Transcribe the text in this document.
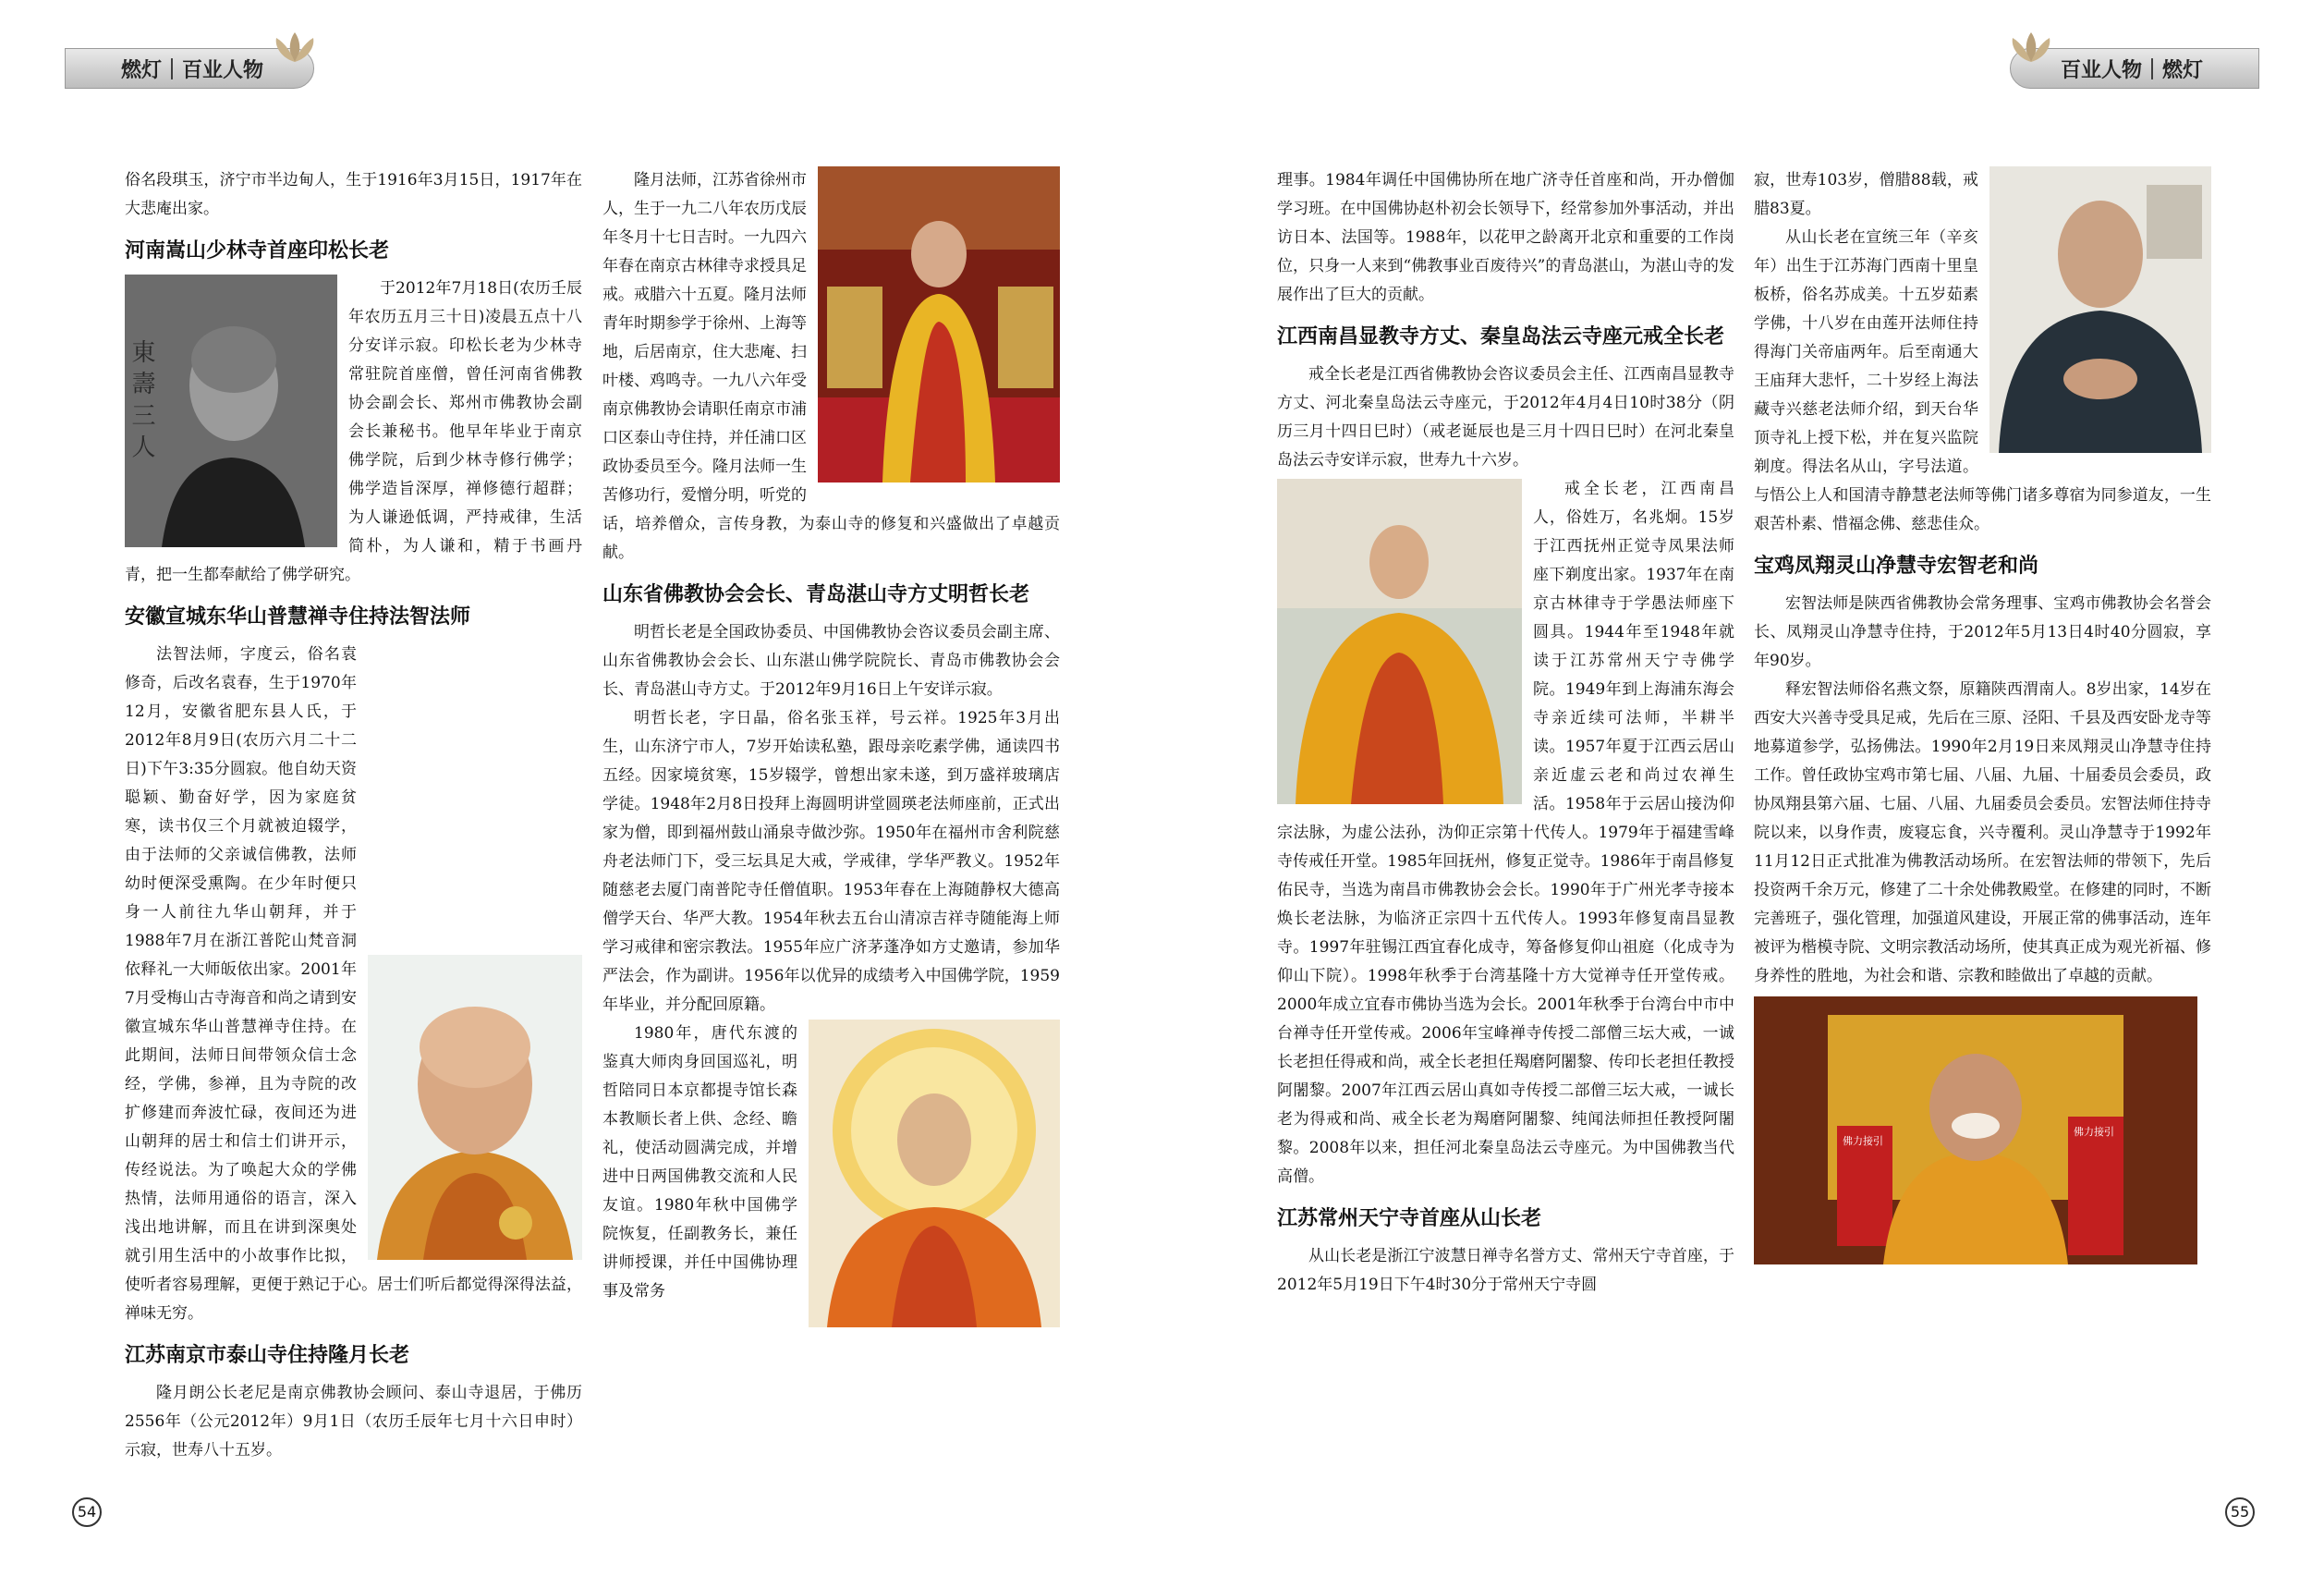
燃灯｜百业人物

俗名段琪玉，济宁市半边甸人，生于1916年3月15日，1917年在大悲庵出家。

河南嵩山少林寺首座印松长老
東 壽 三 人

于2012年7月18日(农历壬辰年农历五月三十日)凌晨五点十八分安详示寂。印松长老为少林寺常驻院首座僧，曾任河南省佛教协会副会长、郑州市佛教协会副会长兼秘书。他早年毕业于南京佛学院，后到少林寺修行佛学；佛学造旨深厚，禅修德行超群；为人谦逊低调，严持戒律，生活简朴，为人谦和，精于书画丹青，把一生都奉献给了佛学研究。

安徽宣城东华山普慧禅寺住持法智法师

法智法师，字度云，俗名袁修奇，后改名袁春，生于1970年12月，安徽省肥东县人氏，于2012年8月9日(农历六月二十二日)下午3:35分圆寂。他自幼天资聪颖、勤奋好学，因为家庭贫寒，读书仅三个月就被迫辍学，由于法师的父亲诚信佛教，法师幼时便深受熏陶。在少年时便只身一人前往九华山朝拜，并于1988年7月在浙江普陀山梵音洞依释礼一大师皈依出家。2001年7月受梅山古寺海音和尚之请到安徽宣城东华山普慧禅寺住持。在此期间，法师日间带领众信士念经，学佛，参禅，且为寺院的改扩修建而奔波忙碌，夜间还为进山朝拜的居士和信士们讲开示，传经说法。为了唤起大众的学佛热情，法师用通俗的语言，深入浅出地讲解，而且在讲到深奥处就引用生活中的小故事作比拟，使听者容易理解，更便于熟记于心。居士们听后都觉得深得法益，禅味无穷。

江苏南京市泰山寺住持隆月长老

隆月朗公长老尼是南京佛教协会顾问、泰山寺退居，于佛历2556年（公元2012年）9月1日（农历壬辰年七月十六日申时）示寂，世寿八十五岁。

隆月法师，江苏省徐州市人，生于一九二八年农历戊辰年冬月十七日吉时。一九四六年春在南京古林律寺求授具足戒。戒腊六十五夏。隆月法师青年时期参学于徐州、上海等地，后居南京，住大悲庵、扫叶楼、鸡鸣寺。一九八六年受南京佛教协会请职任南京市浦口区泰山寺住持，并任浦口区政协委员至今。隆月法师一生苦修功行，爱憎分明，听党的话，培养僧众，言传身教，为泰山寺的修复和兴盛做出了卓越贡献。

山东省佛教协会会长、青岛湛山寺方丈明哲长老

明哲长老是全国政协委员、中国佛教协会咨议委员会副主席、山东省佛教协会会长、山东湛山佛学院院长、青岛市佛教协会会长、青岛湛山寺方丈。于2012年9月16日上午安详示寂。

明哲长老，字日晶，俗名张玉祥，号云祥。1925年3月出生，山东济宁市人，7岁开始读私塾，跟母亲吃素学佛，通读四书五经。因家境贫寒，15岁辍学，曾想出家未遂，到万盛祥玻璃店学徒。1948年2月8日投拜上海圆明讲堂圆瑛老法师座前，正式出家为僧，即到福州鼓山涌泉寺做沙弥。1950年在福州市舍利院慈舟老法师门下，受三坛具足大戒，学戒律，学华严教义。1952年随慈老去厦门南普陀寺任僧值职。1953年春在上海随静权大德高僧学天台、华严大教。1954年秋去五台山清凉吉祥寺随能海上师学习戒律和密宗教法。1955年应广济茅蓬净如方丈邀请，参加华严法会，作为副讲。1956年以优异的成绩考入中国佛学院，1959年毕业，并分配回原籍。

1980年，唐代东渡的鉴真大师肉身回国巡礼，明哲陪同日本京都提寺馆长森本教顺长者上供、念经、瞻礼，使活动圆满完成，并增进中日两国佛教交流和人民友谊。1980年秋中国佛学院恢复，任副教务长，兼任讲师授课，并任中国佛协理事及常务

54
百业人物｜燃灯

理事。1984年调任中国佛协所在地广济寺任首座和尚，开办僧伽学习班。在中国佛协赵朴初会长领导下，经常参加外事活动，并出访日本、法国等。1988年，以花甲之龄离开北京和重要的工作岗位，只身一人来到“佛教事业百废待兴”的青岛湛山，为湛山寺的发展作出了巨大的贡献。

江西南昌显教寺方丈、秦皇岛法云寺座元戒全长老

戒全长老是江西省佛教协会咨议委员会主任、江西南昌显教寺方丈、河北秦皇岛法云寺座元，于2012年4月4日10时38分（阴历三月十四日巳时）（戒老诞辰也是三月十四日巳时）在河北秦皇岛法云寺安详示寂，世寿九十六岁。

戒全长老，江西南昌人，俗姓万，名兆炯。15岁于江西抚州正觉寺凤果法师座下剃度出家。1937年在南京古林律寺于学愚法师座下圆具。1944年至1948年就读于江苏常州天宁寺佛学院。1949年到上海浦东海会寺亲近续可法师，半耕半读。1957年夏于江西云居山亲近虚云老和尚过农禅生活。1958年于云居山接沩仰宗法脉，为虚公法孙，沩仰正宗第十代传人。1979年于福建雪峰寺传戒任开堂。1985年回抚州，修复正觉寺。1986年于南昌修复佑民寺，当选为南昌市佛教协会会长。1990年于广州光孝寺接本焕长老法脉，为临济正宗四十五代传人。1993年修复南昌显教寺。1997年驻锡江西宜春化成寺，筹备修复仰山祖庭（化成寺为仰山下院）。1998年秋季于台湾基隆十方大觉禅寺任开堂传戒。2000年成立宜春市佛协当选为会长。2001年秋季于台湾台中市中台禅寺任开堂传戒。2006年宝峰禅寺传授二部僧三坛大戒，一诚长老担任得戒和尚，戒全长老担任羯磨阿闍黎、传印长老担任教授阿闍黎。2007年江西云居山真如寺传授二部僧三坛大戒，一诚长老为得戒和尚、戒全长老为羯磨阿闍黎、纯闻法师担任教授阿闍黎。2008年以来，担任河北秦皇岛法云寺座元。为中国佛教当代高僧。

江苏常州天宁寺首座从山长老

从山长老是浙江宁波慧日禅寺名誉方丈、常州天宁寺首座，于2012年5月19日下午4时30分于常州天宁寺圆

寂，世寿103岁，僧腊88载，戒腊83夏。

从山长老在宣统三年（辛亥年）出生于江苏海门西南十里皇板桥，俗名苏成美。十五岁茹素学佛，十八岁在由莲开法师住持得海门关帝庙两年。后至南通大王庙拜大悲忏，二十岁经上海法藏寺兴慈老法师介绍，到天台华顶寺礼上授下松，并在复兴监院剃度。得法名从山，字号法道。与悟公上人和国清寺静慧老法师等佛门诸多尊宿为同参道友，一生艰苦朴素、惜福念佛、慈悲佳众。

宝鸡凤翔灵山净慧寺宏智老和尚

宏智法师是陕西省佛教协会常务理事、宝鸡市佛教协会名誉会长、凤翔灵山净慧寺住持，于2012年5月13日4时40分圆寂，享年90岁。

释宏智法师俗名燕文祭，原籍陕西渭南人。8岁出家，14岁在西安大兴善寺受具足戒，先后在三原、泾阳、千县及西安卧龙寺等地募道参学，弘扬佛法。1990年2月19日来凤翔灵山净慧寺住持工作。曾任政协宝鸡市第七届、八届、九届、十届委员会委员，政协凤翔县第六届、七届、八届、九届委员会委员。宏智法师住持寺院以来，以身作责，废寝忘食，兴寺覆利。灵山净慧寺于1992年11月12日正式批准为佛教活动场所。在宏智法师的带领下，先后投资两千余万元，修建了二十余处佛教殿堂。在修建的同时，不断完善班子，强化管理，加强道风建设，开展正常的佛事活动，连年被评为楷模寺院、文明宗教活动场所，使其真正成为观光祈福、修身养性的胜地，为社会和谐、宗教和睦做出了卓越的贡献。

佛力接引
佛力接引
55
